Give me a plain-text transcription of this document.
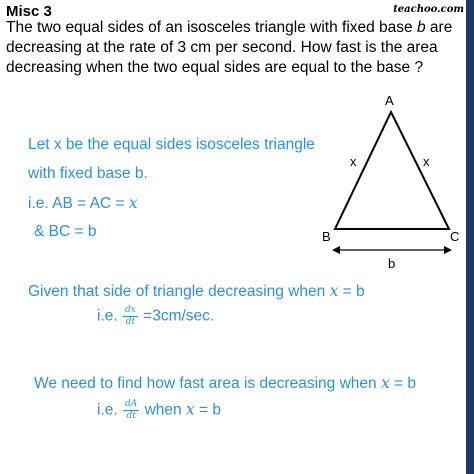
Misc 3	teachoo.com
The two equal sides of an isosceles triangle with fixed base b are
decreasing at the rate of 3 cm per second. How fast is the area
decreasing when the two equal sides are equal to the base ?
A
B	C
x	x
b
Let x be the equal sides isosceles triangle
with fixed base b.
i.e. AB = AC = x
& BC = b
Given that side of triangle decreasing when x = b
i.e. $\frac{dx}{dt} =3cm/\sec$.
We need to find how fast area is decreasing when x = b
i.e. $\frac{dA}{dt}$ when x = b
